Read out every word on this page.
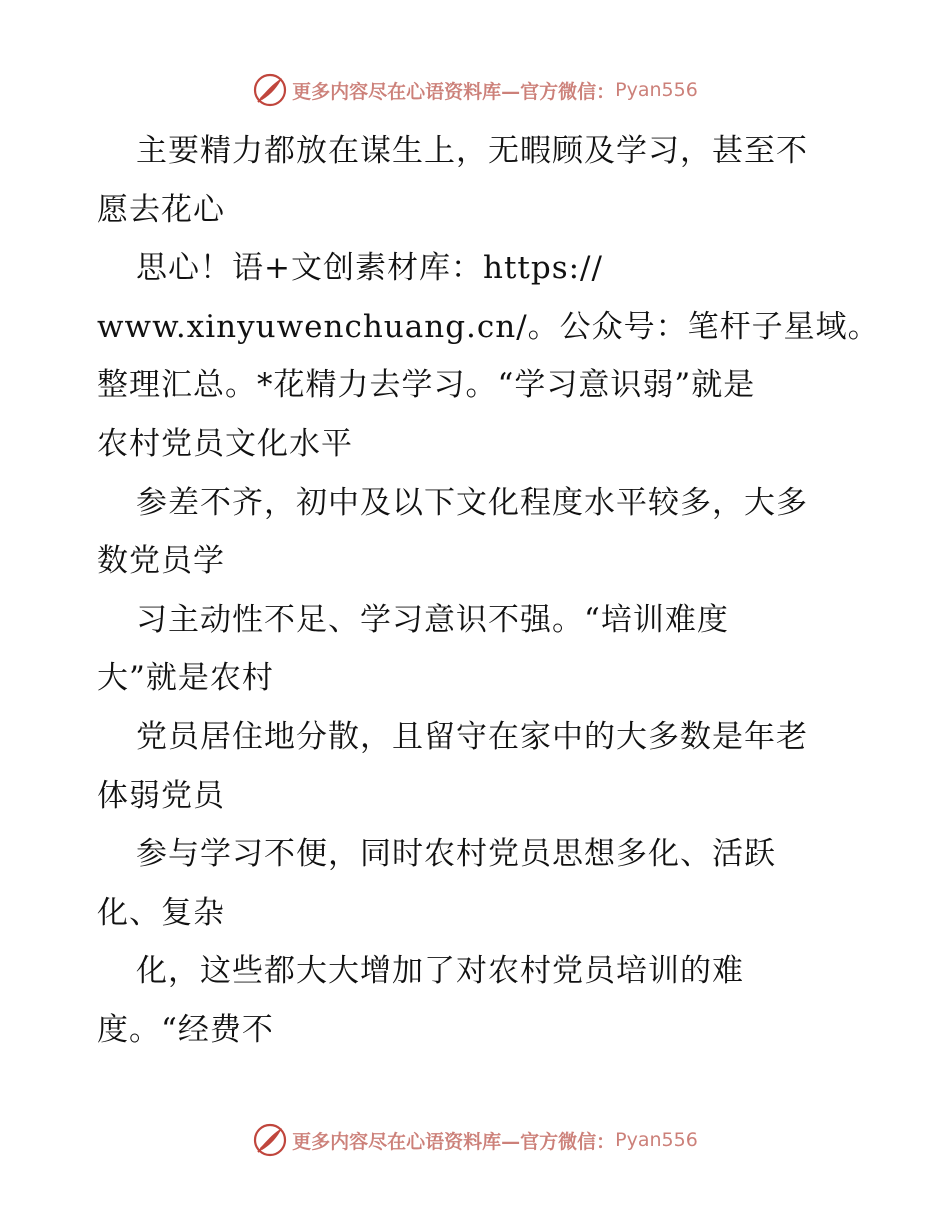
更多内容尽在心语资料库—官方微信： Pyan556
主要精力都放在谋生上，无暇顾及学习，甚至不
愿去花心
思心！语+文创素材库：https://
www.xinyuwenchuang.cn/。公众号：笔杆子星域。
整理汇总。*花精力去学习。“学习意识弱”就是
农村党员文化水平
参差不齐，初中及以下文化程度水平较多，大多
数党员学
习主动性不足、学习意识不强。“培训难度
大”就是农村
党员居住地分散，且留守在家中的大多数是年老
体弱党员
参与学习不便，同时农村党员思想多化、活跃
化、复杂
化，这些都大大增加了对农村党员培训的难
度。“经费不
更多内容尽在心语资料库—官方微信： Pyan556
